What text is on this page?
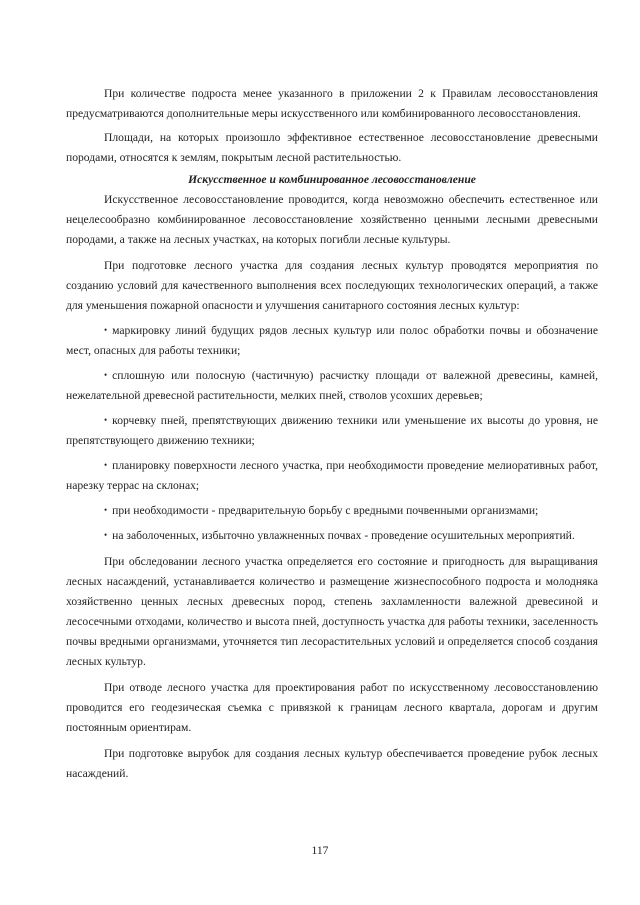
При количестве подроста менее указанного в приложении 2 к Правилам лесовосстановления предусматриваются дополнительные меры искусственного или комбинированного лесовосстановления.

Площади, на которых произошло эффективное естественное лесовосстановление древесными породами, относятся к землям, покрытым лесной растительностью.

Искусственное и комбинированное лесовосстановление

Искусственное лесовосстановление проводится, когда невозможно обеспечить естественное или нецелесообразно комбинированное лесовосстановление хозяйственно ценными лесными древесными породами, а также на лесных участках, на которых погибли лесные культуры.

При подготовке лесного участка для создания лесных культур проводятся мероприятия по созданию условий для качественного выполнения всех последующих технологических операций, а также для уменьшения пожарной опасности и улучшения санитарного состояния лесных культур:

• маркировку линий будущих рядов лесных культур или полос обработки почвы и обозначение мест, опасных для работы техники;
• сплошную или полосную (частичную) расчистку площади от валежной древесины, камней, нежелательной древесной растительности, мелких пней, стволов усохших деревьев;
• корчевку пней, препятствующих движению техники или уменьшение их высоты до уровня, не препятствующего движению техники;
• планировку поверхности лесного участка, при необходимости проведение мелиоративных работ, нарезку террас на склонах;
• при необходимости - предварительную борьбу с вредными почвенными организмами;
• на заболоченных, избыточно увлажненных почвах - проведение осушительных мероприятий.

При обследовании лесного участка определяется его состояние и пригодность для выращивания лесных насаждений, устанавливается количество и размещение жизнеспособного подроста и молодняка хозяйственно ценных лесных древесных пород, степень захламленности валежной древесиной и лесосечными отходами, количество и высота пней, доступность участка для работы техники, заселенность почвы вредными организмами, уточняется тип лесорастительных условий и определяется способ создания лесных культур.

При отводе лесного участка для проектирования работ по искусственному лесовосстановлению проводится его геодезическая съемка с привязкой к границам лесного квартала, дорогам и другим постоянным ориентирам.

При подготовке вырубок для создания лесных культур обеспечивается проведение рубок лесных насаждений.

117
